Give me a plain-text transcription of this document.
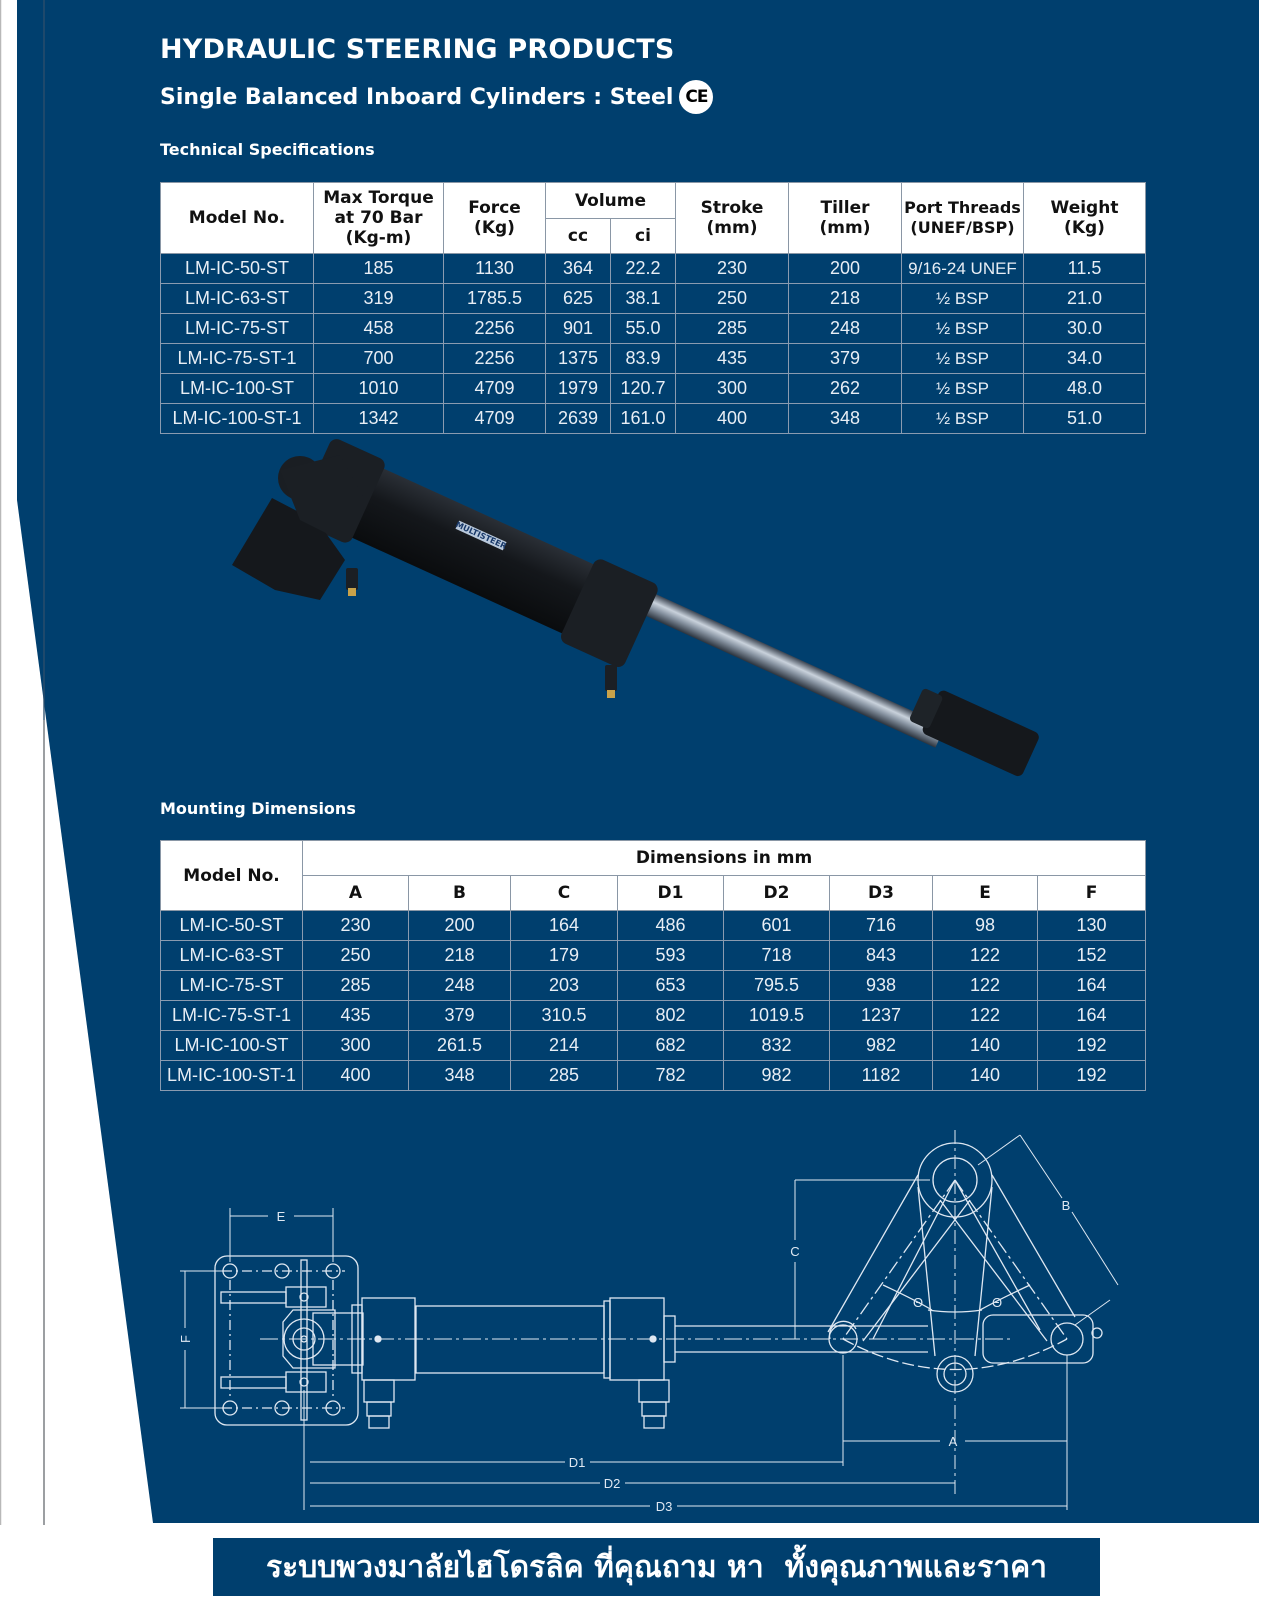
HYDRAULIC STEERING PRODUCTS
Single Balanced Inboard Cylinders : Steel CE
Technical Specifications
Model No.	Max Torque at 70 Bar (Kg-m)	Force (Kg)	Volume		Stroke (mm)	Tiller (mm)	Port Threads (UNEF/BSP)	Weight (Kg)
			cc	ci				
LM-IC-50-ST	185	1130	364	22.2	230	200	9/16-24 UNEF	11.5
LM-IC-63-ST	319	1785.5	625	38.1	250	218	½ BSP	21.0
LM-IC-75-ST	458	2256	901	55.0	285	248	½ BSP	30.0
LM-IC-75-ST-1	700	2256	1375	83.9	435	379	½ BSP	34.0
LM-IC-100-ST	1010	4709	1979	120.7	300	262	½ BSP	48.0
LM-IC-100-ST-1	1342	4709	2639	161.0	400	348	½ BSP	51.0
MULTISTEER
Mounting Dimensions
Model No.	Dimensions in mm							
	A	B	C	D1	D2	D3	E	F
LM-IC-50-ST	230	200	164	486	601	716	98	130
LM-IC-63-ST	250	218	179	593	718	843	122	152
LM-IC-75-ST	285	248	203	653	795.5	938	122	164
LM-IC-75-ST-1	435	379	310.5	802	1019.5	1237	122	164
LM-IC-100-ST	300	261.5	214	682	832	982	140	192
LM-IC-100-ST-1	400	348	285	782	982	1182	140	192
E
F
C
B
A
D1
D2
D3
Θ	Θ
ระบบพวงมาลัยไฮโดรลิค ที่คุณถาม หา  ทั้งคุณภาพและราคา
